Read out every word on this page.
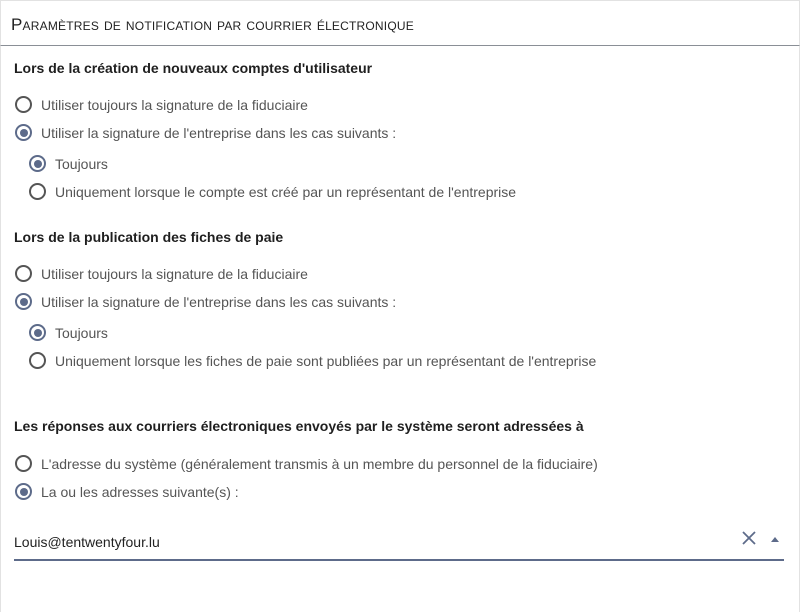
Paramètres de notification par courrier électronique
Lors de la création de nouveaux comptes d'utilisateur
Utiliser toujours la signature de la fiduciaire
Utiliser la signature de l'entreprise dans les cas suivants :
Toujours
Uniquement lorsque le compte est créé par un représentant de l'entreprise
Lors de la publication des fiches de paie
Utiliser toujours la signature de la fiduciaire
Utiliser la signature de l'entreprise dans les cas suivants :
Toujours
Uniquement lorsque les fiches de paie sont publiées par un représentant de l'entreprise
Les réponses aux courriers électroniques envoyés par le système seront adressées à
L'adresse du système (généralement transmis à un membre du personnel de la fiduciaire)
La ou les adresses suivante(s) :
Louis@tentwentyfour.lu
